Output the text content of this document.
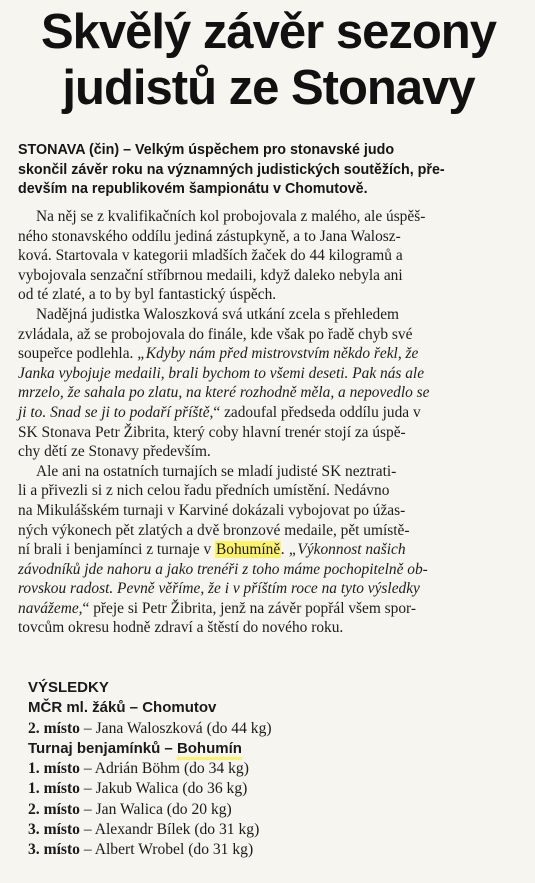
Skvělý závěr sezony
judistů ze Stonavy
STONAVA (čin) – Velkým úspěchem pro stonavské judo
skončil závěr roku na významných judistických soutěžích, pře-
devším na republikovém šampionátu v Chomutově.
Na něj se z kvalifikačních kol probojovala z malého, ale úspěš-
ného stonavského oddílu jediná zástupkyně, a to Jana Walosz-
ková. Startovala v kategorii mladších žaček do 44 kilogramů a
vybojovala senzační stříbrnou medaili, když daleko nebyla ani
od té zlaté, a to by byl fantastický úspěch.
Nadějná judistka Waloszková svá utkání zcela s přehledem
zvládala, až se probojovala do finále, kde však po řadě chyb své
soupeřce podlehla. „Kdyby nám před mistrovstvím někdo řekl, že
Janka vybojuje medaili, brali bychom to všemi deseti. Pak nás ale
mrzelo, že sahala po zlatu, na které rozhodně měla, a nepovedlo se
ji to. Snad se ji to podaří příště,“ zadoufal předseda oddílu juda v
SK Stonava Petr Žibrita, který coby hlavní trenér stojí za úspě-
chy dětí ze Stonavy především.
Ale ani na ostatních turnajích se mladí judisté SK neztrati-
li a přivezli si z nich celou řadu předních umístění. Nedávno
na Mikulášském turnaji v Karviné dokázali vybojovat po úžas-
ných výkonech pět zlatých a dvě bronzové medaile, pět umístě-
ní brali i benjamínci z turnaje v Bohumíně. „Výkonnost našich
závodníků jde nahoru a jako trenéři z toho máme pochopitelně ob-
rovskou radost. Pevně věříme, že i v příštím roce na tyto výsledky
navážeme,“ přeje si Petr Žibrita, jenž na závěr popřál všem spor-
tovcům okresu hodně zdraví a štěstí do nového roku.
VÝSLEDKY
MČR ml. žáků – Chomutov
2. místo – Jana Waloszková (do 44 kg)
Turnaj benjamínků – Bohumín
1. místo – Adrián Böhm (do 34 kg)
1. místo – Jakub Walica (do 36 kg)
2. místo – Jan Walica (do 20 kg)
3. místo – Alexandr Bílek (do 31 kg)
3. místo – Albert Wrobel (do 31 kg)
